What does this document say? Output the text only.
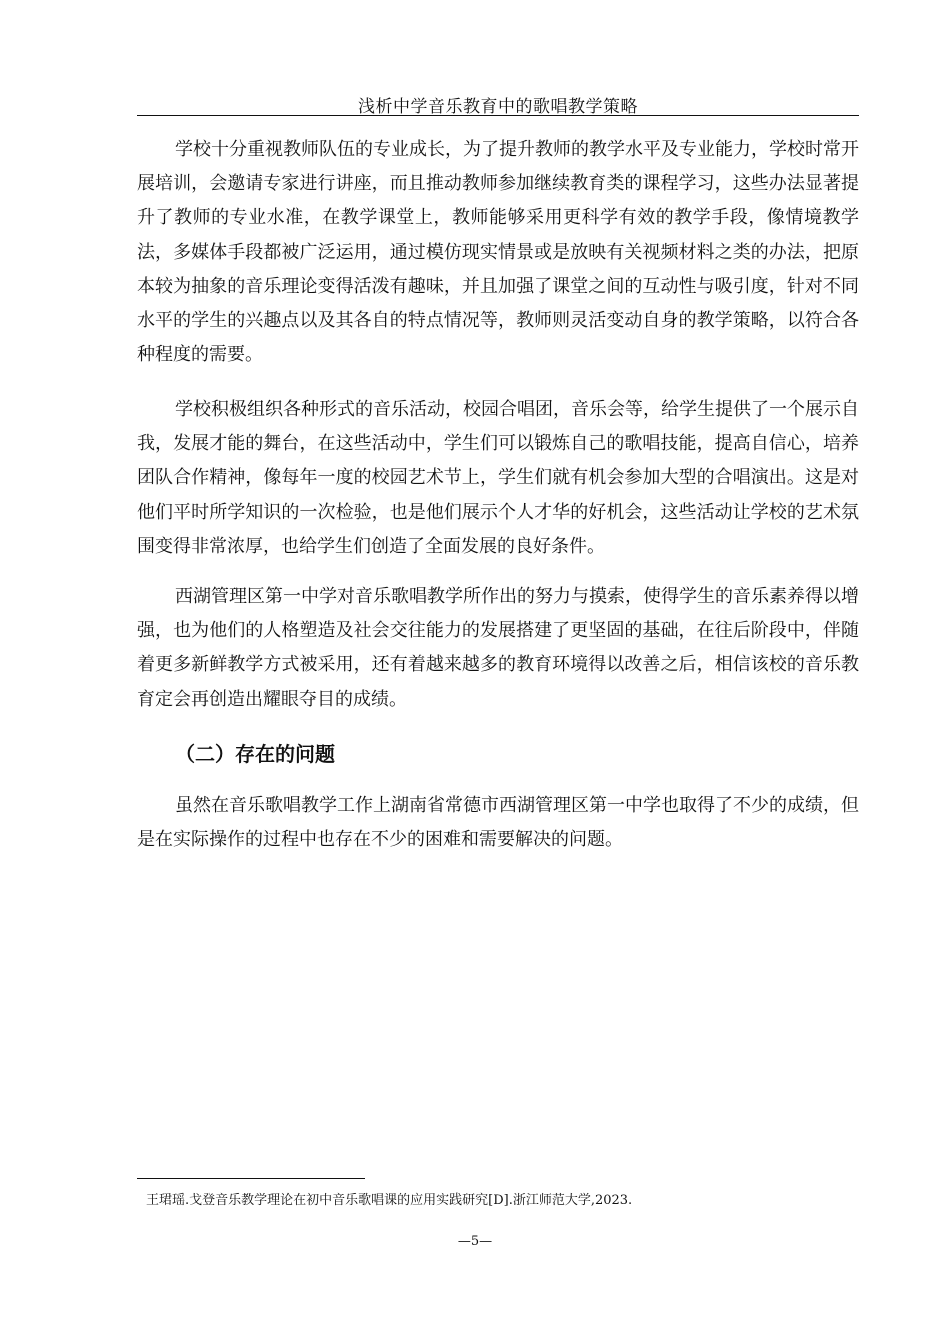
浅析中学音乐教育中的歌唱教学策略

学校十分重视教师队伍的专业成长，为了提升教师的教学水平及专业能力，学校时常开展培训，会邀请专家进行讲座，而且推动教师参加继续教育类的课程学习，这些办法显著提升了教师的专业水准，在教学课堂上，教师能够采用更科学有效的教学手段，像情境教学法，多媒体手段都被广泛运用，通过模仿现实情景或是放映有关视频材料之类的办法，把原本较为抽象的音乐理论变得活泼有趣味，并且加强了课堂之间的互动性与吸引度，针对不同水平的学生的兴趣点以及其各自的特点情况等，教师则灵活变动自身的教学策略，以符合各种程度的需要。

学校积极组织各种形式的音乐活动，校园合唱团，音乐会等，给学生提供了一个展示自我，发展才能的舞台，在这些活动中，学生们可以锻炼自己的歌唱技能，提高自信心，培养团队合作精神，像每年一度的校园艺术节上，学生们就有机会参加大型的合唱演出。这是对他们平时所学知识的一次检验，也是他们展示个人才华的好机会，这些活动让学校的艺术氛围变得非常浓厚，也给学生们创造了全面发展的良好条件。

西湖管理区第一中学对音乐歌唱教学所作出的努力与摸索，使得学生的音乐素养得以增强，也为他们的人格塑造及社会交往能力的发展搭建了更坚固的基础，在往后阶段中，伴随着更多新鲜教学方式被采用，还有着越来越多的教育环境得以改善之后，相信该校的音乐教育定会再创造出耀眼夺目的成绩。

（二）存在的问题

虽然在音乐歌唱教学工作上湖南省常德市西湖管理区第一中学也取得了不少的成绩，但是在实际操作的过程中也存在不少的困难和需要解决的问题。

王珺瑶.戈登音乐教学理论在初中音乐歌唱课的应用实践研究[D].浙江师范大学,2023.
—5—
